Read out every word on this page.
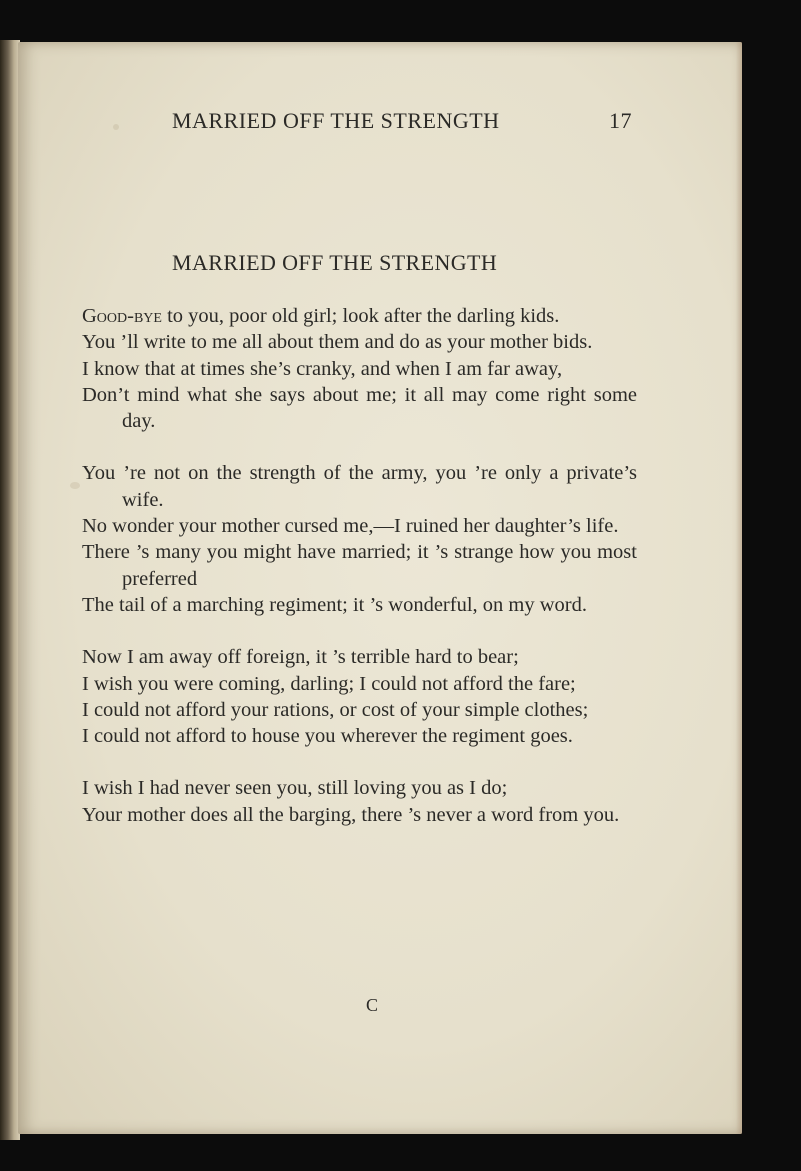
MARRIED OFF THE STRENGTH	17
MARRIED OFF THE STRENGTH
Good-bye to you, poor old girl; look after the darling kids.
You ’ll write to me all about them and do as your mother bids.
I know that at times she’s cranky, and when I am far away,
Don’t mind what she says about me; it all may come right some day.
You ’re not on the strength of the army, you ’re only a private’s wife.
No wonder your mother cursed me,—I ruined her daughter’s life.
There ’s many you might have married; it ’s strange how you most preferred
The tail of a marching regiment; it ’s wonderful, on my word.
Now I am away off foreign, it ’s terrible hard to bear;
I wish you were coming, darling; I could not afford the fare;
I could not afford your rations, or cost of your simple clothes;
I could not afford to house you wherever the regiment goes.
I wish I had never seen you, still loving you as I do;
Your mother does all the barging, there ’s never a word from you.
C
